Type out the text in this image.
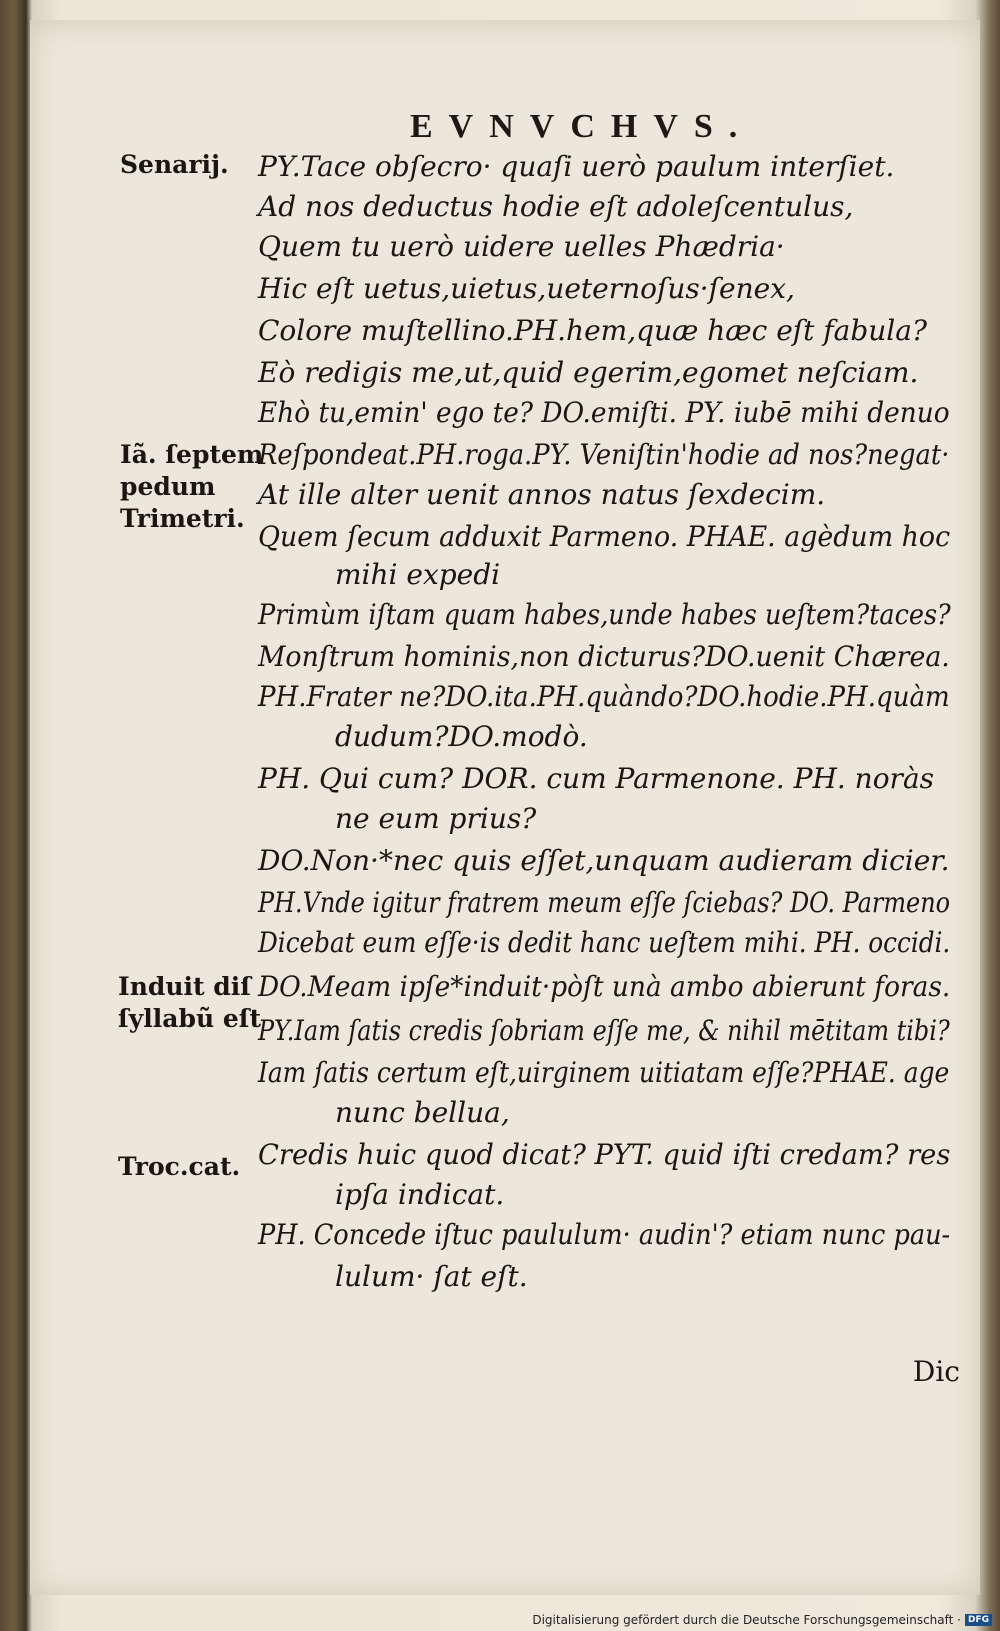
EVNVCHVS.
Senarij.
Iã. ſeptem
pedum
Trimetri.
Induit diſ
ſyllabũ eſt
Troc.cat.
PY.Tace obſecro· quaſi uerò paulum interſiet.
Ad nos deductus hodie eſt adoleſcentulus,
Quem tu uerò uidere uelles Phædria·
Hic eſt uetus,uietus,ueternoſus·ſenex,
Colore muſtellino.PH.hem,quæ hæc eſt fabula?
Eò redigis me,ut,quid egerim,egomet neſciam.
Ehò tu,emin' ego te? DO.emiſti. PY. iubē mihi denuo
Reſpondeat.PH.roga.PY. Veniſtin'hodie ad nos?negat·
At ille alter uenit annos natus ſexdecim.
Quem ſecum adduxit Parmeno. PHAE. agèdum hoc
mihi expedi
Primùm iſtam quam habes,unde habes ueſtem?taces?
Monſtrum hominis,non dicturus?DO.uenit Chærea.
PH.Frater ne?DO.ita.PH.quàndo?DO.hodie.PH.quàm
dudum?DO.modò.
PH. Qui cum? DOR. cum Parmenone. PH. noràs
ne eum prius?
DO.Non·*nec quis eſſet,unquam audieram dicier.
PH.Vnde igitur fratrem meum eſſe ſciebas? DO. Parmeno
Dicebat eum eſſe·is dedit hanc ueſtem mihi. PH. occidi.
DO.Meam ipſe*induit·pòſt unà ambo abierunt foras.
PY.Iam ſatis credis ſobriam eſſe me, & nihil mētitam tibi?
Iam ſatis certum eſt,uirginem uitiatam eſſe?PHAE. age
nunc bellua,
Credis huic quod dicat? PYT. quid iſti credam? res
ipſa indicat.
PH. Concede iſtuc paululum· audin'? etiam nunc pau-
lulum· ſat eſt.
Dic
Digitalisierung gefördert durch die Deutsche Forschungsgemeinschaft · DFG
